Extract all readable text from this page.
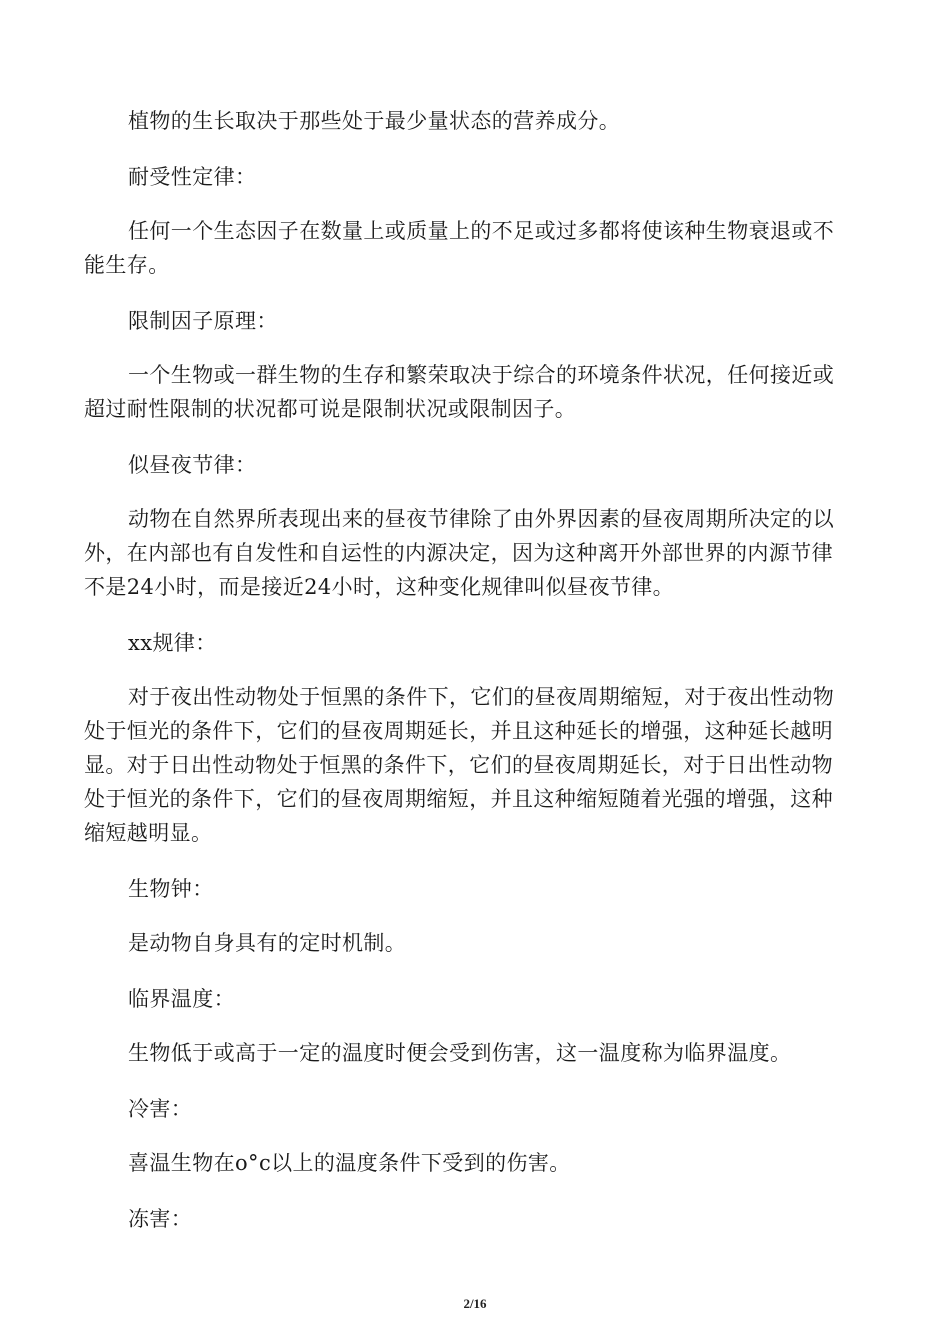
植物的生长取决于那些处于最少量状态的营养成分。

耐受性定律：

任何一个生态因子在数量上或质量上的不足或过多都将使该种生物衰退或不能生存。

限制因子原理：

一个生物或一群生物的生存和繁荣取决于综合的环境条件状况，任何接近或超过耐性限制的状况都可说是限制状况或限制因子。

似昼夜节律：

动物在自然界所表现出来的昼夜节律除了由外界因素的昼夜周期所决定的以外，在内部也有自发性和自运性的内源决定，因为这种离开外部世界的内源节律不是24小时，而是接近24小时，这种变化规律叫似昼夜节律。

xx规律：

对于夜出性动物处于恒黑的条件下，它们的昼夜周期缩短，对于夜出性动物处于恒光的条件下，它们的昼夜周期延长，并且这种延长的增强，这种延长越明显。对于日出性动物处于恒黑的条件下，它们的昼夜周期延长，对于日出性动物处于恒光的条件下，它们的昼夜周期缩短，并且这种缩短随着光强的增强，这种缩短越明显。

生物钟：

是动物自身具有的定时机制。

临界温度：

生物低于或高于一定的温度时便会受到伤害，这一温度称为临界温度。

冷害：

喜温生物在o°c以上的温度条件下受到的伤害。

冻害：

2/16
